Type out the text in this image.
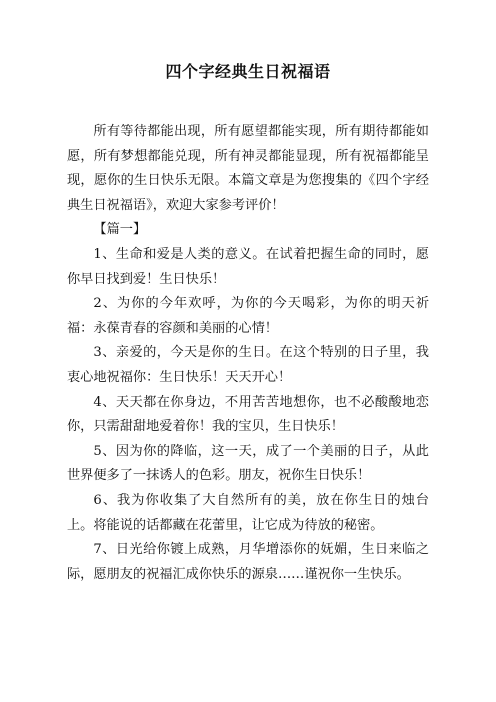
四个字经典生日祝福语

所有等待都能出现，所有愿望都能实现，所有期待都能如愿，所有梦想都能兑现，所有神灵都能显现，所有祝福都能呈现，愿你的生日快乐无限。本篇文章是为您搜集的《四个字经典生日祝福语》，欢迎大家参考评价！

【篇一】

1、生命和爱是人类的意义。在试着把握生命的同时，愿你早日找到爱！生日快乐！

2、为你的今年欢呼，为你的今天喝彩，为你的明天祈福：永葆青春的容颜和美丽的心情！

3、亲爱的，今天是你的生日。在这个特别的日子里，我衷心地祝福你：生日快乐！天天开心！

4、天天都在你身边，不用苦苦地想你，也不必酸酸地恋你，只需甜甜地爱着你！我的宝贝，生日快乐！

5、因为你的降临，这一天，成了一个美丽的日子，从此世界便多了一抹诱人的色彩。朋友，祝你生日快乐！

6、我为你收集了大自然所有的美，放在你生日的烛台上。将能说的话都藏在花蕾里，让它成为待放的秘密。

7、日光给你镀上成熟，月华增添你的妩媚，生日来临之际，愿朋友的祝福汇成你快乐的源泉……谨祝你一生快乐。
